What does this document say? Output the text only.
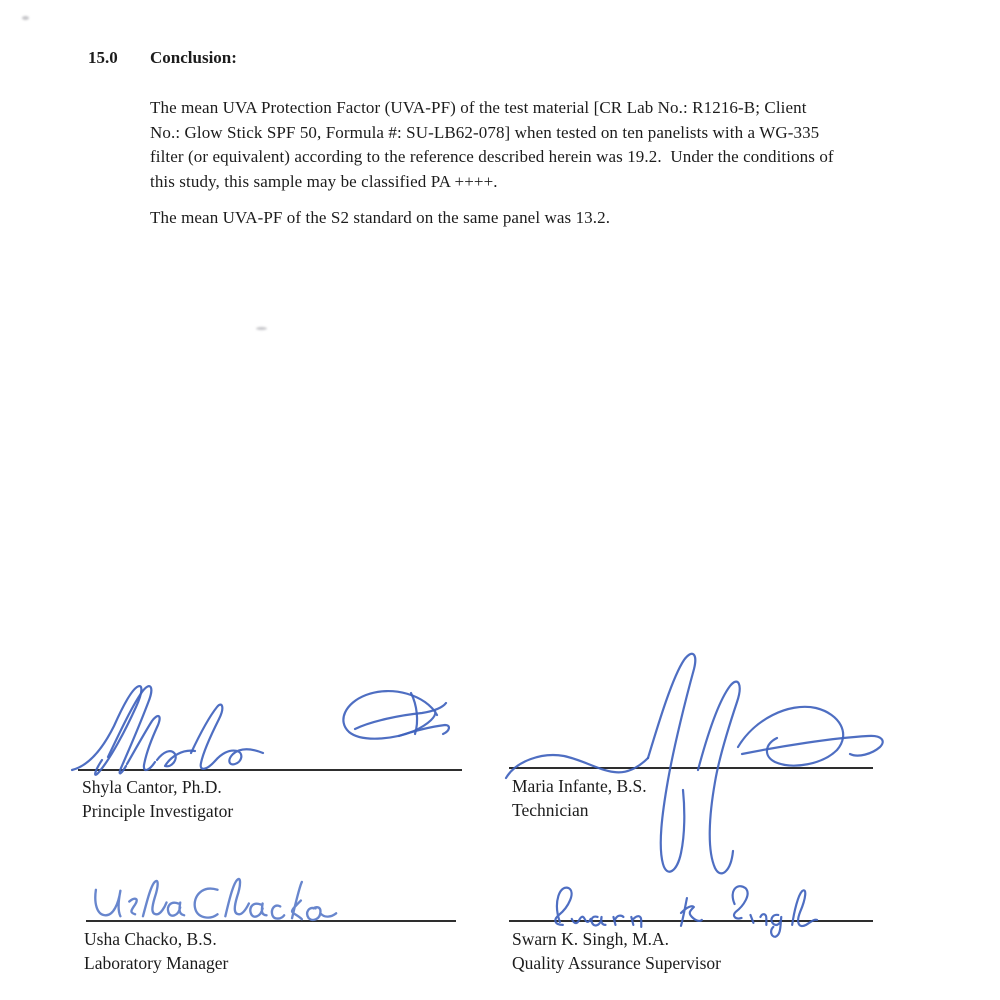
15.0 Conclusion:
The mean UVA Protection Factor (UVA-PF) of the test material [CR Lab No.: R1216-B; Client
No.: Glow Stick SPF 50, Formula #: SU-LB62-078] when tested on ten panelists with a WG-335
filter (or equivalent) according to the reference described herein was 19.2.  Under the conditions of
this study, this sample may be classified PA ++++.
The mean UVA-PF of the S2 standard on the same panel was 13.2.
Shyla Cantor, Ph.D.
Principle Investigator
Maria Infante, B.S.
Technician
Usha Chacko, B.S.
Laboratory Manager
Swarn K. Singh, M.A.
Quality Assurance Supervisor
